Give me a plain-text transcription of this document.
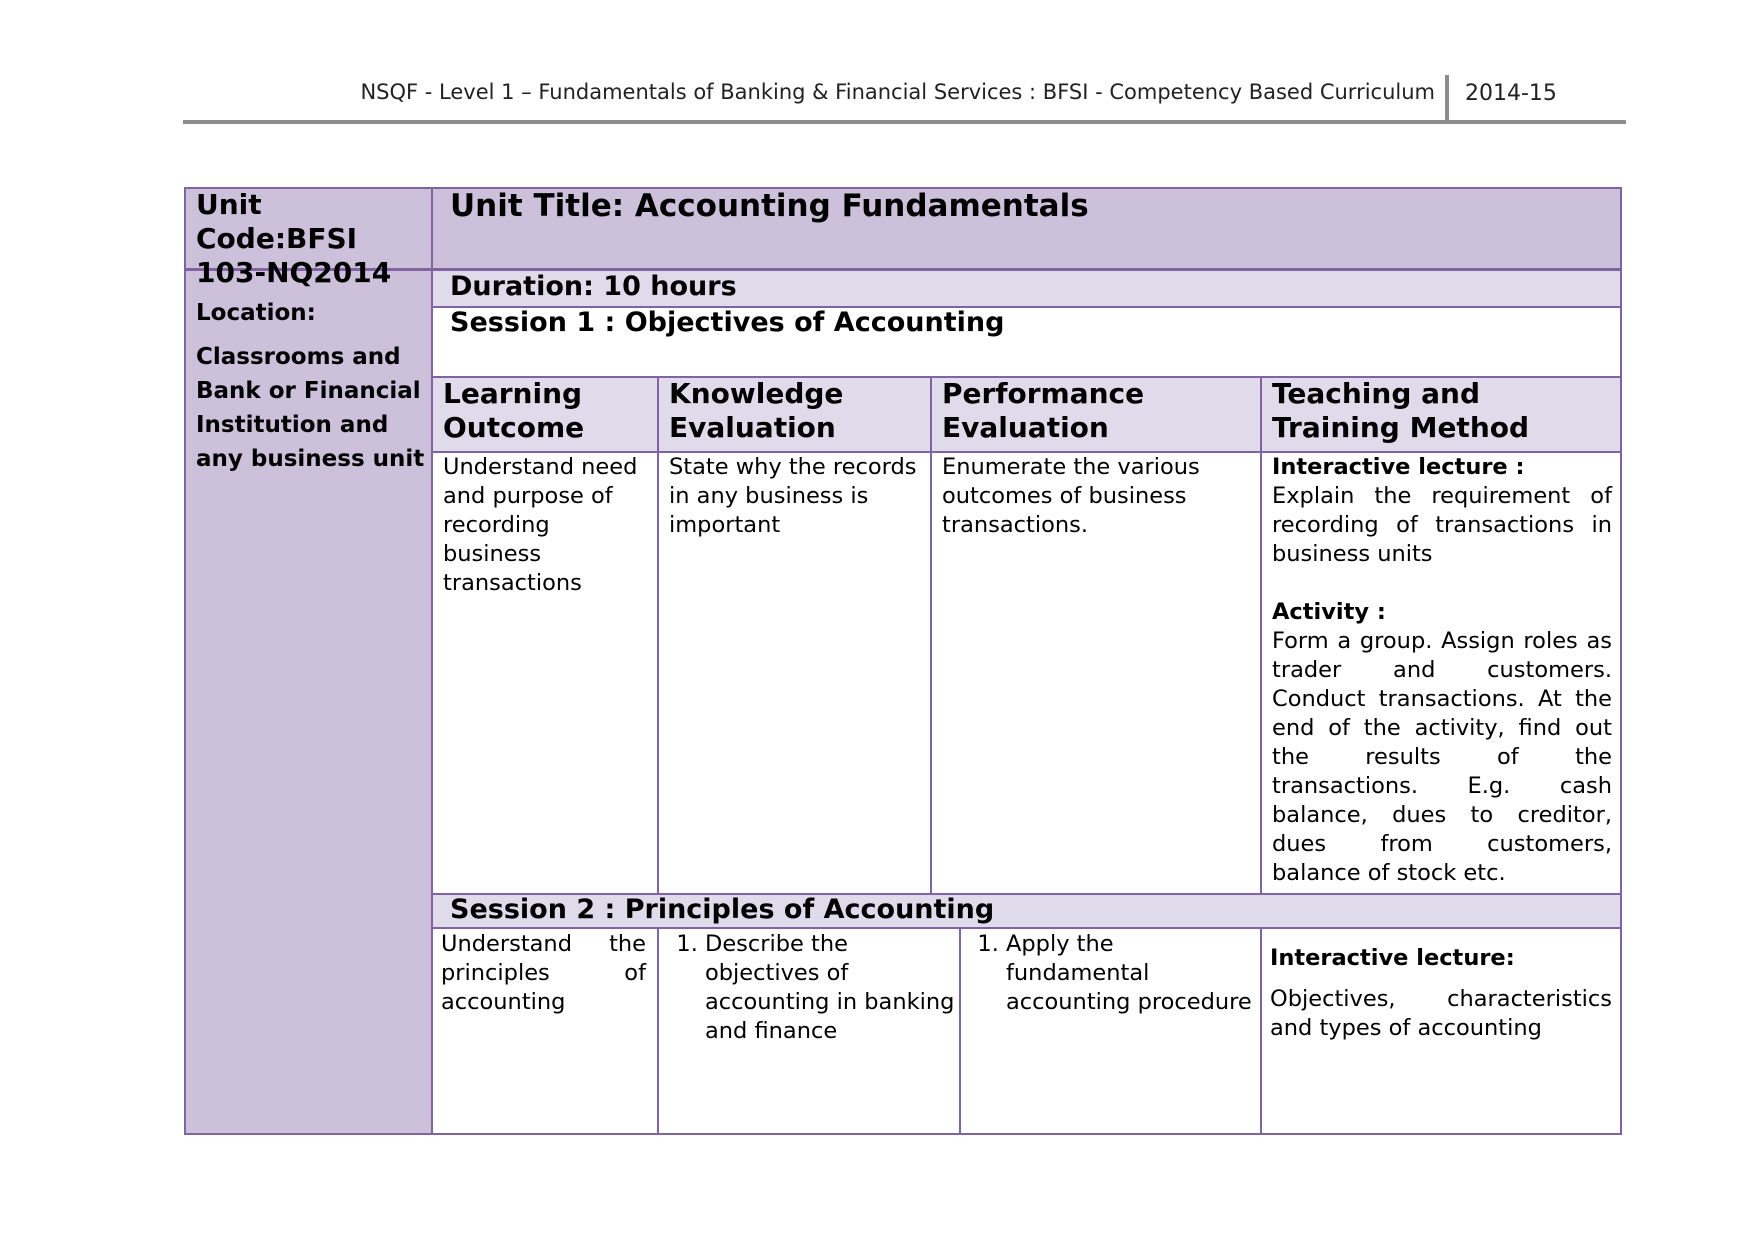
NSQF - Level 1 – Fundamentals of Banking & Financial Services : BFSI - Competency Based Curriculum 2014-15
Unit Code:BFSI 103-NQ2014
Unit Title: Accounting Fundamentals
Location:
Classrooms and Bank or Financial Institution and any business unit
Duration: 10 hours
Session 1 : Objectives of Accounting
Learning Outcome
Knowledge Evaluation
Performance Evaluation
Teaching and Training Method
Understand need and purpose of recording business transactions
State why the records in any business is important
Enumerate the various outcomes of business transactions.

Interactive lecture :

Explain the requirement of recording of transactions in business units

Activity :

Form a group. Assign roles as trader and customers. Conduct transactions. At the end of the activity, find out the results of the transactions. E.g. cash balance, dues to creditor, dues from customers, balance of stock etc.

Session 2 : Principles of Accounting
Understand the principles of accounting
1. Describe the objectives of accounting in banking and finance
1. Apply the fundamental accounting procedure

Interactive lecture:

Objectives, characteristics and types of accounting
